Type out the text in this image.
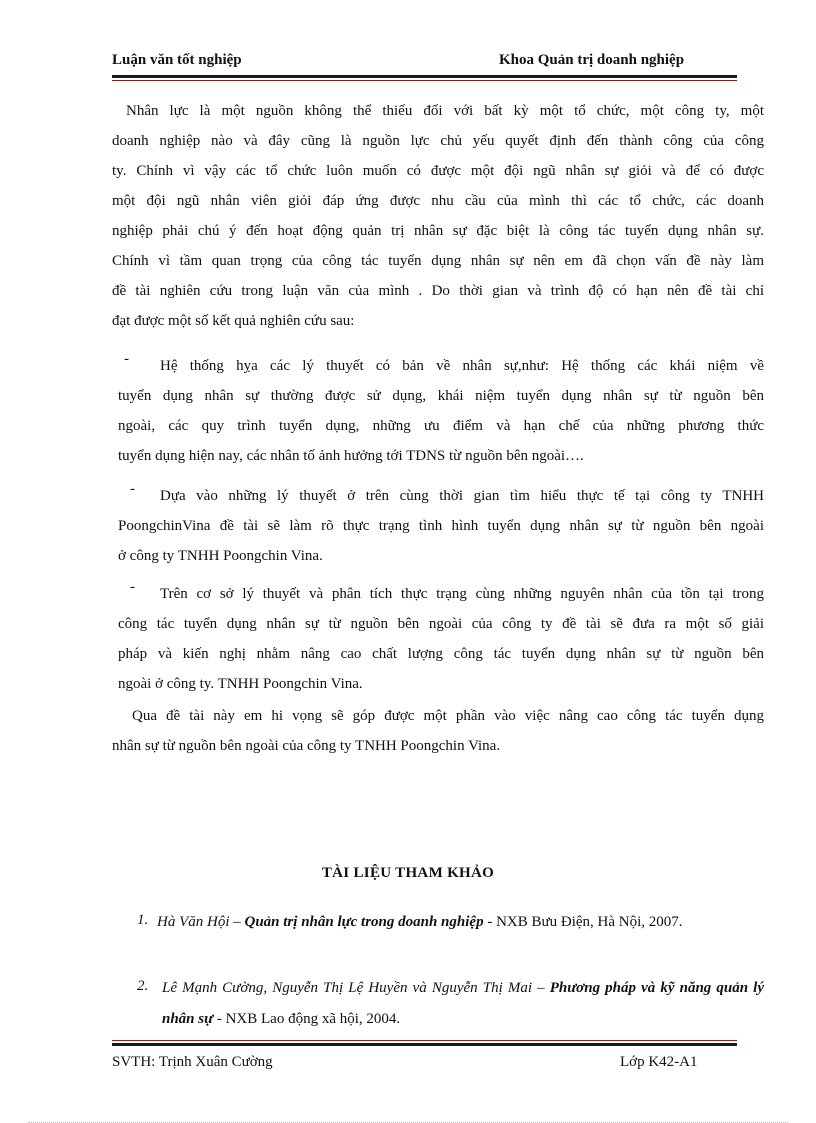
Luận văn tốt nghiệp	Khoa Quản trị doanh nghiệp
Nhân lực là một nguồn không thể thiếu đối với bất kỳ một tổ chức, một công ty, một
doanh nghiệp nào và đây cũng là nguồn lực chủ yếu quyết định đến thành công của công
ty. Chính vì vậy các tổ chức luôn muốn có được một đội ngũ nhân sự giỏi và để có được
một đội ngũ nhân viên giỏi đáp ứng được nhu cầu của mình thì các tổ chức, các doanh
nghiệp phải chú ý đến hoạt động quản trị nhân sự đặc biệt là công tác tuyển dụng nhân sự.
Chính vì tầm quan trọng của công tác tuyển dụng nhân sự nên em đã chọn vấn đề này làm
đề tài nghiên cứu trong luận văn của mình . Do thời gian và trình độ có hạn nên đề tài chỉ
đạt được một số kết quả nghiên cứu sau:
-	Hệ thống hỵa các lý thuyết có bản về nhân sự,như: Hệ thống các khái niệm về
tuyển dụng nhân sự thường được sử dụng, khái niệm tuyển dụng nhân sự từ nguồn bên
ngoài, các quy trình tuyển dụng, những ưu điểm và hạn chế của những phương thức
tuyển dụng hiện nay, các nhân tố ảnh hưởng tới TDNS từ nguồn bên ngoài….
-	Dựa vào những lý thuyết ở trên cùng thời gian tìm hiểu thực tế tại công ty TNHH
PoongchinVina đề tài sẽ làm rõ thực trạng tình hình tuyển dụng nhân sự từ nguồn bên ngoài
ở công ty TNHH Poongchin Vina.
-	Trên cơ sở lý thuyết và phân tích thực trạng cùng những nguyên nhân của tồn tại trong
công tác tuyển dụng nhân sự từ nguồn bên ngoài của công ty đề tài sẽ đưa ra một số giải
pháp và kiến nghị nhằm nâng cao chất lượng công tác tuyển dụng nhân sự từ nguồn bên
ngoài ở công ty. TNHH Poongchin Vina.
Qua đề tài này em hi vọng sẽ góp được một phần vào việc nâng cao công tác tuyển dụng
nhân sự từ nguồn bên ngoài của công ty TNHH Poongchin Vina.
TÀI LIỆU THAM KHẢO
1. Hà Văn Hội – Quản trị nhân lực trong doanh nghiệp - NXB Bưu Điện, Hà Nội, 2007.

2. Lê Mạnh Cường, Nguyễn Thị Lệ Huyền và Nguyễn Thị Mai – Phương pháp và kỹ năng quản lý nhân sự - NXB Lao động xã hội, 2004.

SVTH: Trịnh Xuân Cường	Lớp K42-A1
